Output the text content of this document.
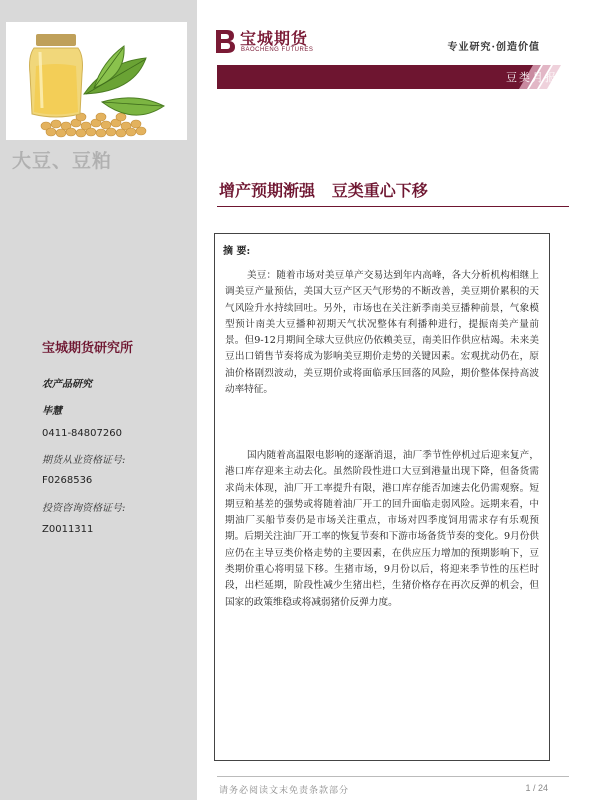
大豆、豆粕
宝城期货研究所
农产品研究
毕慧
0411-84807260
期货从业资格证号:
F0268536
投资咨询资格证号:
Z0011311
宝城期货
BAOCHENG FUTURES	专业研究·创造价值
豆类月报
增产预期渐强   豆类重心下移
摘 要:

美豆：随着市场对美豆单产交易达到年内高峰，各大分析机构相继上调美豆产量预估，美国大豆产区天气形势的不断改善，美豆期价累积的天气风险升水持续回吐。另外，市场也在关注新季南美豆播种前景，气象模型预计南美大豆播种初期天气状况整体有利播种进行，提振南美产量前景。但9-12月期间全球大豆供应仍依赖美豆，南美旧作供应枯竭。未来美豆出口销售节奏将成为影响美豆期价走势的关键因素。宏观扰动仍在，原油价格剧烈波动，美豆期价或将面临承压回落的风险，期价整体保持高波动率特征。

国内随着高温限电影响的逐渐消退，油厂季节性停机过后迎来复产，港口库存迎来主动去化。虽然阶段性进口大豆到港量出现下降，但备货需求尚未体现，油厂开工率提升有限，港口库存能否加速去化仍需观察。短期豆粕基差的强势或将随着油厂开工的回升面临走弱风险。远期来看，中期油厂买船节奏仍是市场关注重点，市场对四季度饲用需求存有乐观预期。后期关注油厂开工率的恢复节奏和下游市场备货节奏的变化。9月份供应仍在主导豆类价格走势的主要因素，在供应压力增加的预期影响下，豆类期价重心将明显下移。生猪市场，9月份以后，将迎来季节性的压栏时段，出栏延期，阶段性减少生猪出栏，生猪价格存在再次反弹的机会，但国家的政策维稳或将减弱猪价反弹力度。

请务必阅读文末免责条款部分	1 / 24
